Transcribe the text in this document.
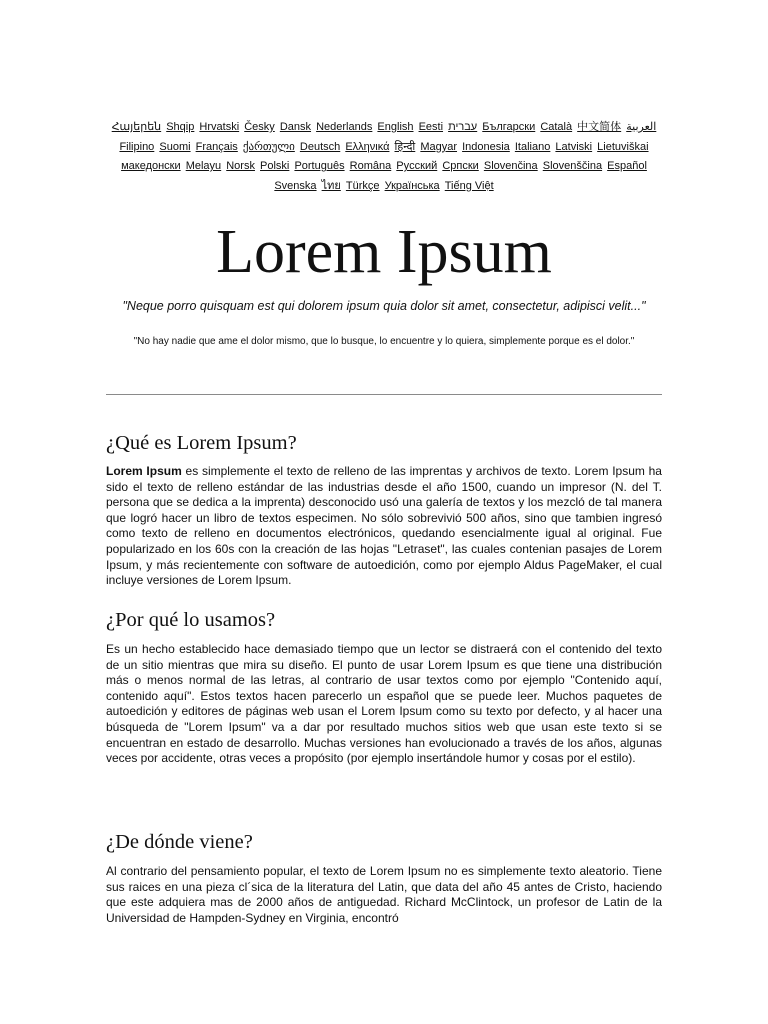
Հայերեն Shqip	‫العربية Български Català 中文简体 ‫עברית Hrvatski Česky Dansk Nederlands English Eesti Filipino Suomi Français ქართული Deutsch Ελληνικά हिन्दी Magyar Indonesia Italiano Latviski Lietuviškai македонски Melayu Norsk Polski Português Româna Pyccкий Српски Slovenčina Slovenščina Español Svenska ไทย Türkçe Українська Tiếng Việt
Lorem Ipsum

"Neque porro quisquam est qui dolorem ipsum quia dolor sit amet, consectetur, adipisci velit..."

"No hay nadie que ame el dolor mismo, que lo busque, lo encuentre y lo quiera, simplemente porque es el dolor."

¿Qué es Lorem Ipsum?

Lorem Ipsum es simplemente el texto de relleno de las imprentas y archivos de texto. Lorem Ipsum ha sido el texto de relleno estándar de las industrias desde el año 1500, cuando un impresor (N. del T. persona que se dedica a la imprenta) desconocido usó una galería de textos y los mezcló de tal manera que logró hacer un libro de textos especimen. No sólo sobrevivió 500 años, sino que tambien ingresó como texto de relleno en documentos electrónicos, quedando esencialmente igual al original. Fue popularizado en los 60s con la creación de las hojas "Letraset", las cuales contenian pasajes de Lorem Ipsum, y más recientemente con software de autoedición, como por ejemplo Aldus PageMaker, el cual incluye versiones de Lorem Ipsum.

¿Por qué lo usamos?

Es un hecho establecido hace demasiado tiempo que un lector se distraerá con el contenido del texto de un sitio mientras que mira su diseño. El punto de usar Lorem Ipsum es que tiene una distribución más o menos normal de las letras, al contrario de usar textos como por ejemplo "Contenido aquí, contenido aquí". Estos textos hacen parecerlo un español que se puede leer. Muchos paquetes de autoedición y editores de páginas web usan el Lorem Ipsum como su texto por defecto, y al hacer una búsqueda de "Lorem Ipsum" va a dar por resultado muchos sitios web que usan este texto si se encuentran en estado de desarrollo. Muchas versiones han evolucionado a través de los años, algunas veces por accidente, otras veces a propósito (por ejemplo insertándole humor y cosas por el estilo).

¿De dónde viene?

Al contrario del pensamiento popular, el texto de Lorem Ipsum no es simplemente texto aleatorio. Tiene sus raices en una pieza cl´sica de la literatura del Latin, que data del año 45 antes de Cristo, haciendo que este adquiera mas de 2000 años de antiguedad. Richard McClintock, un profesor de Latin de la Universidad de Hampden-Sydney en Virginia, encontró
